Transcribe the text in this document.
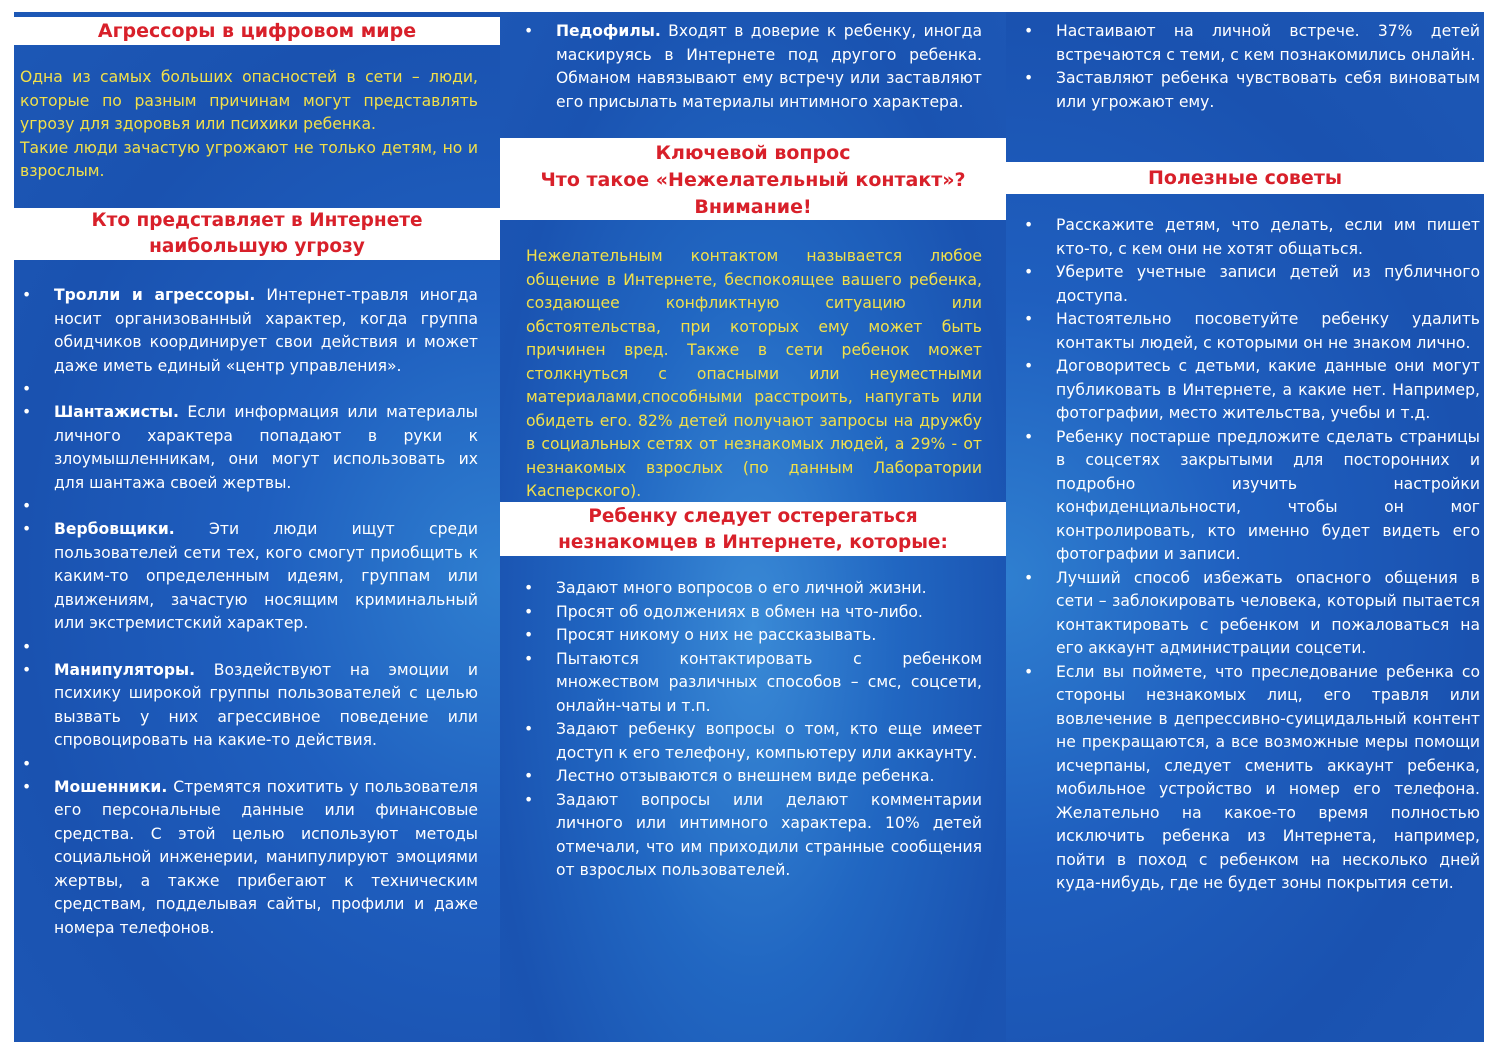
Агрессоры в цифровом мире
Одна из самых больших опасностей в сети – люди, которые по разным причинам могут представлять угрозу для здоровья или психики ребенка.
Такие люди зачастую угрожают не только детям, но и взрослым.
Кто представляет в Интернете наибольшую угрозу
• Тролли и агрессоры. Интернет-травля иногда носит организованный характер, когда группа обидчиков координирует свои действия и может даже иметь единый «центр управления».
•
• Шантажисты. Если информация или материалы личного характера попадают в руки к злоумышленникам, они могут использовать их для шантажа своей жертвы.
•
• Вербовщики. Эти люди ищут среди пользователей сети тех, кого смогут приобщить к каким-то определенным идеям, группам или движениям, зачастую носящим криминальный или экстремистский характер.
•
• Манипуляторы. Воздействуют на эмоции и психику широкой группы пользователей с целью вызвать у них агрессивное поведение или спровоцировать на какие-то действия.
•
• Мошенники. Стремятся похитить у пользователя его персональные данные или финансовые средства. С этой целью используют методы социальной инженерии, манипулируют эмоциями жертвы, а также прибегают к техническим средствам, подделывая сайты, профили и даже номера телефонов.
• Педофилы. Входят в доверие к ребенку, иногда маскируясь в Интернете под другого ребенка. Обманом навязывают ему встречу или заставляют его присылать материалы интимного характера.
Ключевой вопрос
Что такое «Нежелательный контакт»?
Внимание!
Нежелательным контактом называется любое общение в Интернете, беспокоящее вашего ребенка, создающее конфликтную ситуацию или обстоятельства, при которых ему может быть причинен вред. Также в сети ребенок может столкнуться с опасными или неуместными материалами,способными расстроить, напугать или обидеть его. 82% детей получают запросы на дружбу в социальных сетях от незнакомых людей, а 29% - от незнакомых взрослых (по данным Лаборатории Касперского).
Ребенку следует остерегаться незнакомцев в Интернете, которые:
• Задают много вопросов о его личной жизни.
• Просят об одолжениях в обмен на что-либо.
• Просят никому о них не рассказывать.
• Пытаются контактировать с ребенком множеством различных способов – смс, соцсети, онлайн-чаты и т.п.
• Задают ребенку вопросы о том, кто еще имеет доступ к его телефону, компьютеру или аккаунту.
• Лестно отзываются о внешнем виде ребенка.
• Задают вопросы или делают комментарии личного или интимного характера. 10% детей отмечали, что им приходили странные сообщения от взрослых пользователей.
• Настаивают на личной встрече. 37% детей встречаются с теми, с кем познакомились онлайн.
• Заставляют ребенка чувствовать себя виноватым или угрожают ему.
Полезные советы
• Расскажите детям, что делать, если им пишет кто-то, с кем они не хотят общаться.
• Уберите учетные записи детей из публичного доступа.
• Настоятельно посоветуйте ребенку удалить контакты людей, с которыми он не знаком лично.
• Договоритесь с детьми, какие данные они могут публиковать в Интернете, а какие нет. Например, фотографии, место жительства, учебы и т.д.
• Ребенку постарше предложите сделать страницы в соцсетях закрытыми для посторонних и подробно изучить настройки конфиденциальности, чтобы он мог контролировать, кто именно будет видеть его фотографии и записи.
• Лучший способ избежать опасного общения в сети – заблокировать человека, который пытается контактировать с ребенком и пожаловаться на его аккаунт администрации соцсети.
• Если вы поймете, что преследование ребенка со стороны незнакомых лиц, его травля или вовлечение в депрессивно-суицидальный контент не прекращаются, а все возможные меры помощи исчерпаны, следует сменить аккаунт ребенка, мобильное устройство и номер его телефона. Желательно на какое-то время полностью исключить ребенка из Интернета, например, пойти в поход с ребенком на несколько дней куда-нибудь, где не будет зоны покрытия сети.
